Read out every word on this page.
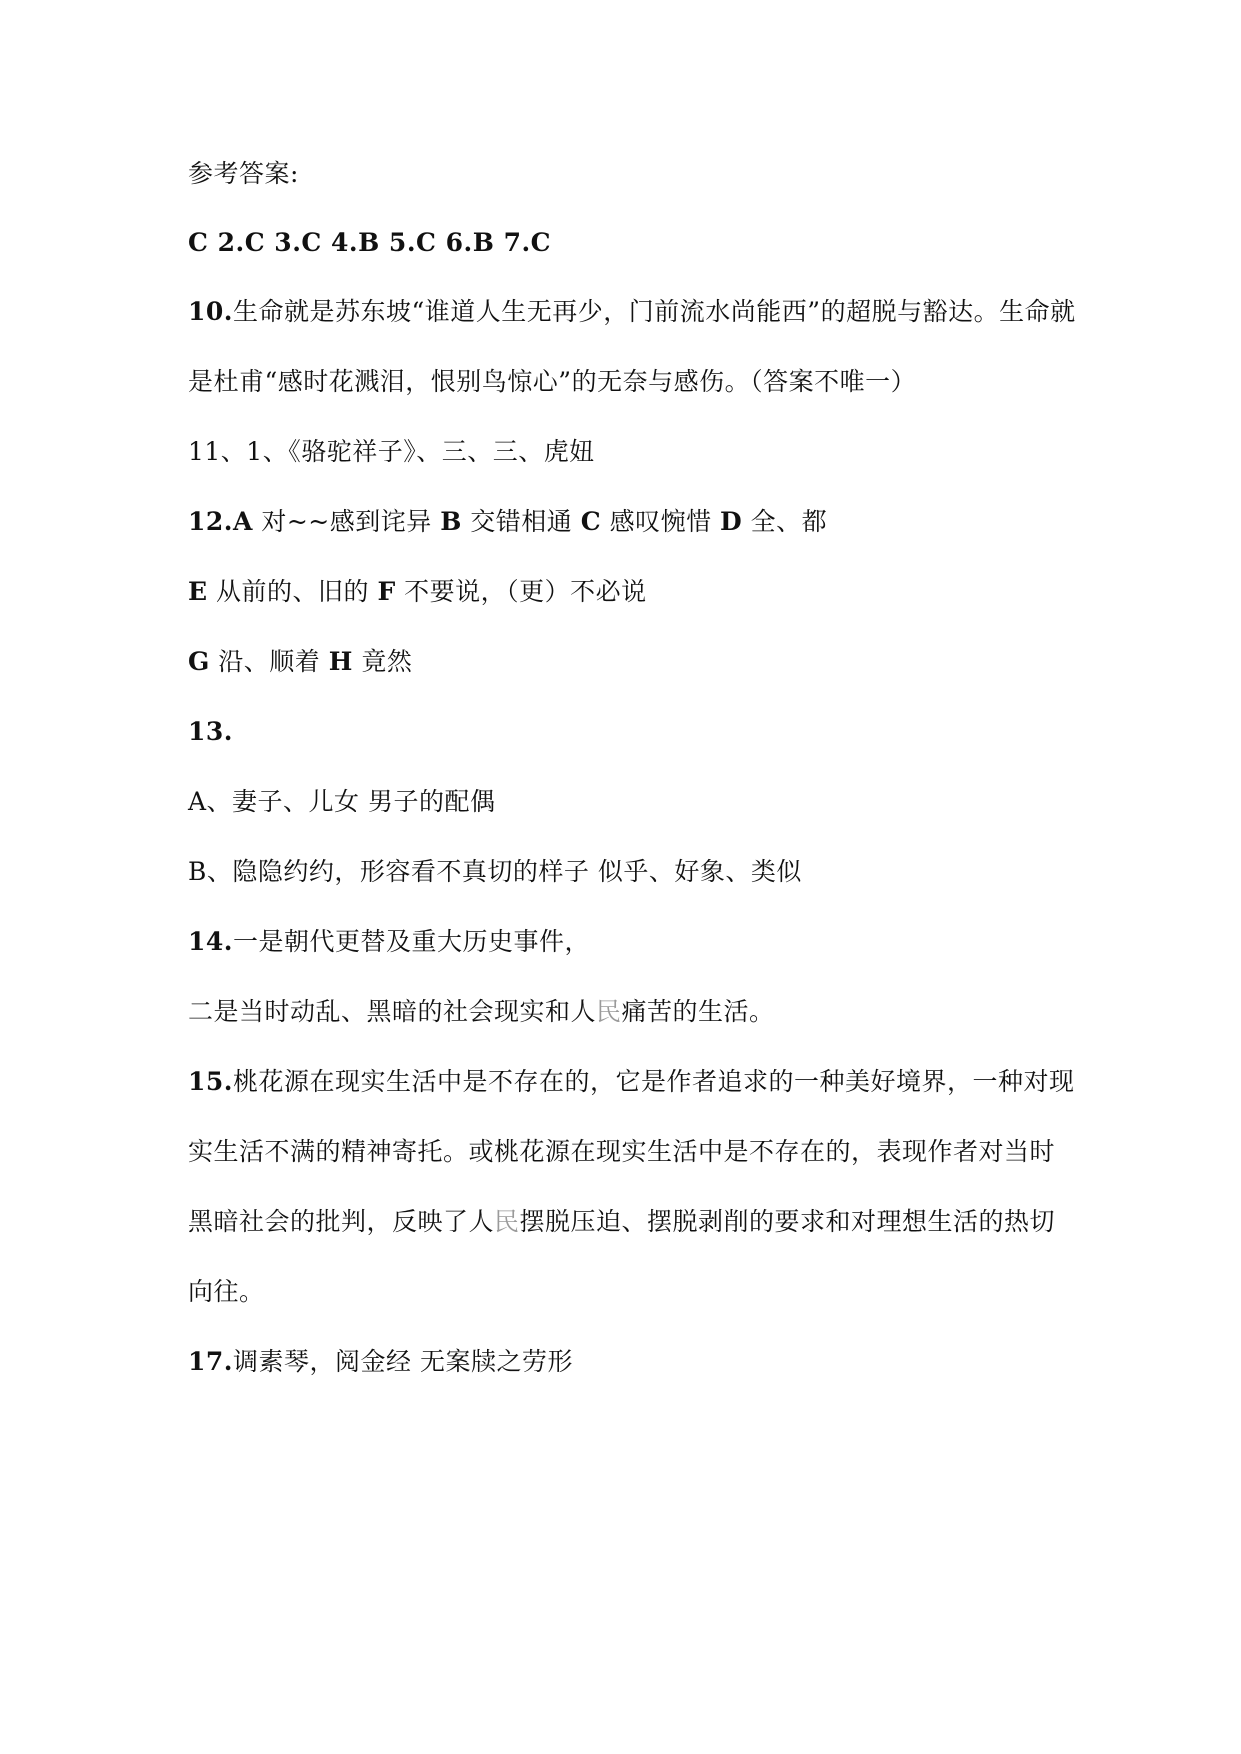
参考答案:
C 2.C 3.C 4.B 5.C 6.B 7.C
10.生命就是苏东坡“谁道人生无再少，门前流水尚能西”的超脱与豁达。生命就
是杜甫“感时花溅泪，恨别鸟惊心”的无奈与感伤。（答案不唯一）
11、1、《骆驼祥子》、三、三、虎妞
12.A 对~~感到诧异 B 交错相通 C 感叹惋惜 D 全、都
E 从前的、旧的 F 不要说，（更）不必说
G 沿、顺着 H 竟然
13.
A、妻子、儿女 男子的配偶
B、隐隐约约，形容看不真切的样子 似乎、好象、类似
14.一是朝代更替及重大历史事件，
二是当时动乱、黑暗的社会现实和人民痛苦的生活。
15.桃花源在现实生活中是不存在的，它是作者追求的一种美好境界，一种对现
实生活不满的精神寄托。或桃花源在现实生活中是不存在的，表现作者对当时
黑暗社会的批判，反映了人民摆脱压迫、摆脱剥削的要求和对理想生活的热切
向往。
17.调素琴，阅金经 无案牍之劳形
